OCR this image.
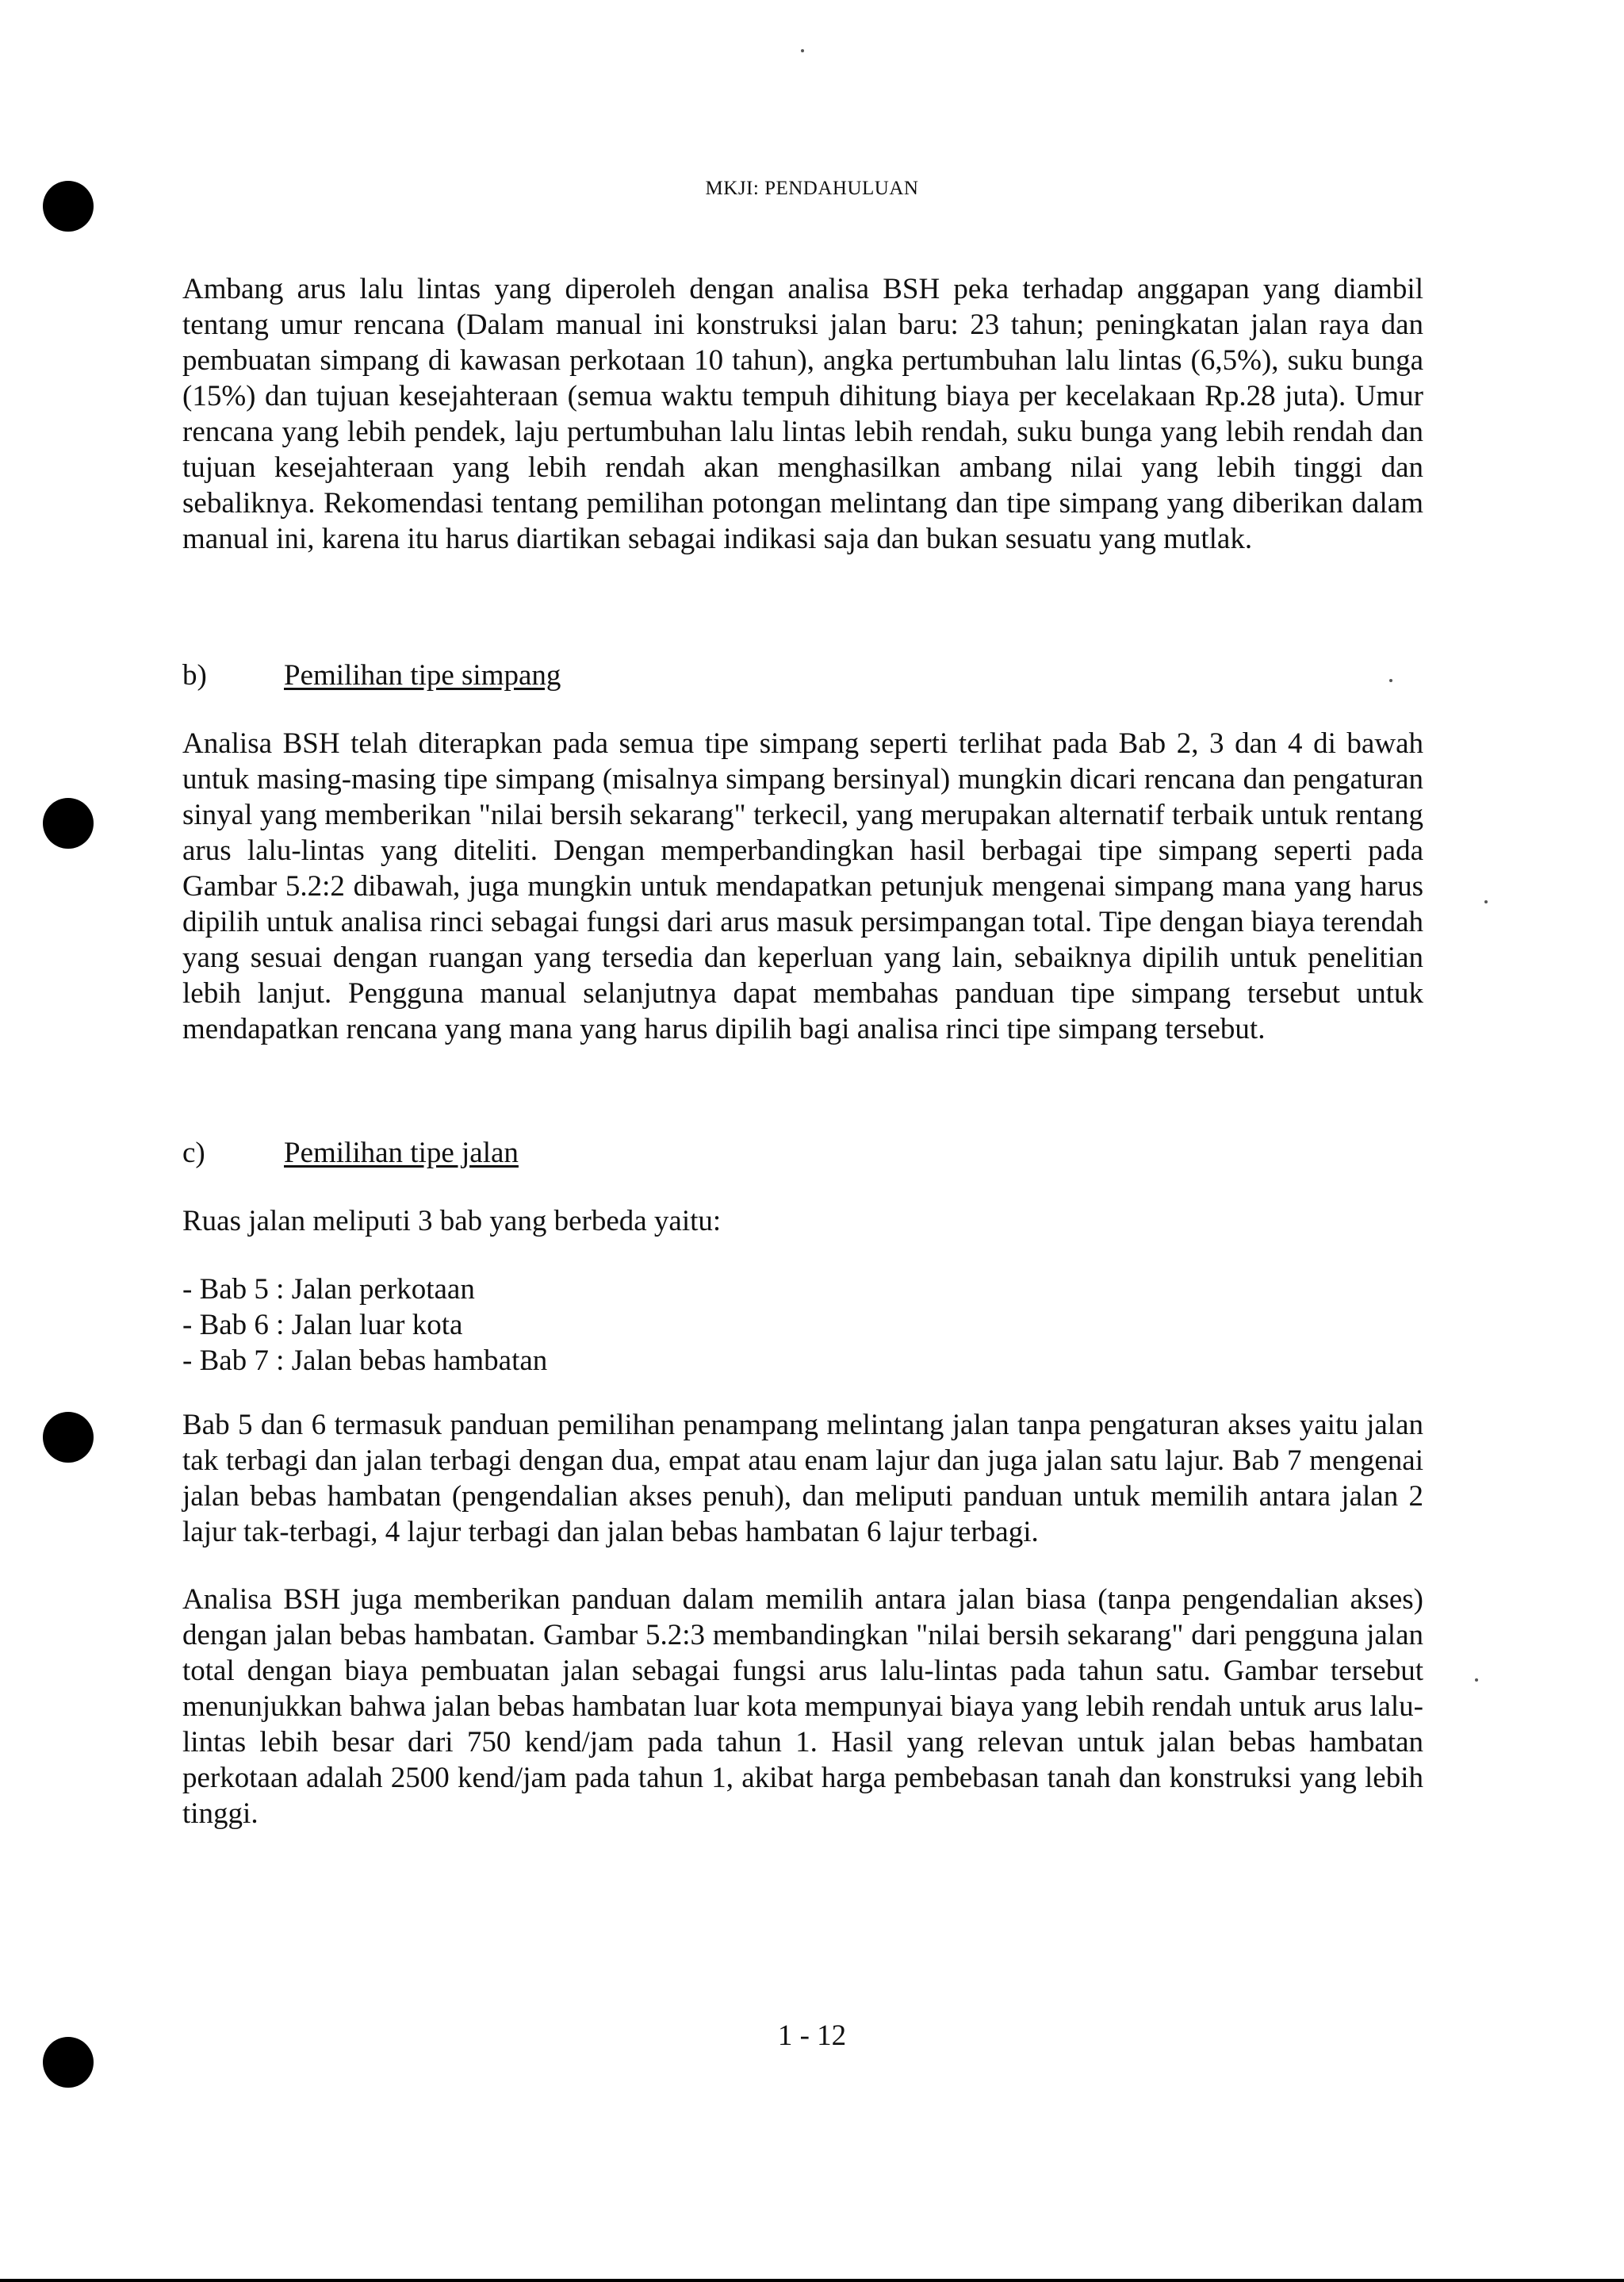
MKJI: PENDAHULUAN

Ambang arus lalu lintas yang diperoleh dengan analisa BSH peka terhadap anggapan yang diambil tentang umur rencana (Dalam manual ini konstruksi jalan baru: 23 tahun; peningkatan jalan raya dan pembuatan simpang di kawasan perkotaan 10 tahun), angka pertumbuhan lalu lintas (6,5%), suku bunga (15%) dan tujuan kesejahteraan (semua waktu tempuh dihitung biaya per kecelakaan Rp.28 juta). Umur rencana yang lebih pendek, laju pertumbuhan lalu lintas lebih rendah, suku bunga yang lebih rendah dan tujuan kesejahteraan yang lebih rendah akan menghasilkan ambang nilai yang lebih tinggi dan sebaliknya. Rekomendasi tentang pemilihan potongan melintang dan tipe simpang yang diberikan dalam manual ini, karena itu harus diartikan sebagai indikasi saja dan bukan sesuatu yang mutlak.

b)	Pemilihan tipe simpang

Analisa BSH telah diterapkan pada semua tipe simpang seperti terlihat pada Bab 2, 3 dan 4 di bawah untuk masing-masing tipe simpang (misalnya simpang bersinyal) mungkin dicari rencana dan pengaturan sinyal yang memberikan "nilai bersih sekarang" terkecil, yang merupakan alternatif terbaik untuk rentang arus lalu-lintas yang diteliti. Dengan memperbandingkan hasil berbagai tipe simpang seperti pada Gambar 5.2:2 dibawah, juga mungkin untuk mendapatkan petunjuk mengenai simpang mana yang harus dipilih untuk analisa rinci sebagai fungsi dari arus masuk persimpangan total. Tipe dengan biaya terendah yang sesuai dengan ruangan yang tersedia dan keperluan yang lain, sebaiknya dipilih untuk penelitian lebih lanjut. Pengguna manual selanjutnya dapat membahas panduan tipe simpang tersebut untuk mendapatkan rencana yang mana yang harus dipilih bagi analisa rinci tipe simpang tersebut.

c)	Pemilihan tipe jalan

Ruas jalan meliputi 3 bab yang berbeda yaitu:

- Bab 5 : Jalan perkotaan
- Bab 6 : Jalan luar kota
- Bab 7 : Jalan bebas hambatan

Bab 5 dan 6 termasuk panduan pemilihan penampang melintang jalan tanpa pengaturan akses yaitu jalan tak terbagi dan jalan terbagi dengan dua, empat atau enam lajur dan juga jalan satu lajur. Bab 7 mengenai jalan bebas hambatan (pengendalian akses penuh), dan meliputi panduan untuk memilih antara jalan 2 lajur tak-terbagi, 4 lajur terbagi dan jalan bebas hambatan 6 lajur terbagi.

Analisa BSH juga memberikan panduan dalam memilih antara jalan biasa (tanpa pengendalian akses) dengan jalan bebas hambatan. Gambar 5.2:3 membandingkan "nilai bersih sekarang" dari pengguna jalan total dengan biaya pembuatan jalan sebagai fungsi arus lalu-lintas pada tahun satu. Gambar tersebut menunjukkan bahwa jalan bebas hambatan luar kota mempunyai biaya yang lebih rendah untuk arus lalu-lintas lebih besar dari 750 kend/jam pada tahun 1. Hasil yang relevan untuk jalan bebas hambatan perkotaan adalah 2500 kend/jam pada tahun 1, akibat harga pembebasan tanah dan konstruksi yang lebih tinggi.

1 - 12
